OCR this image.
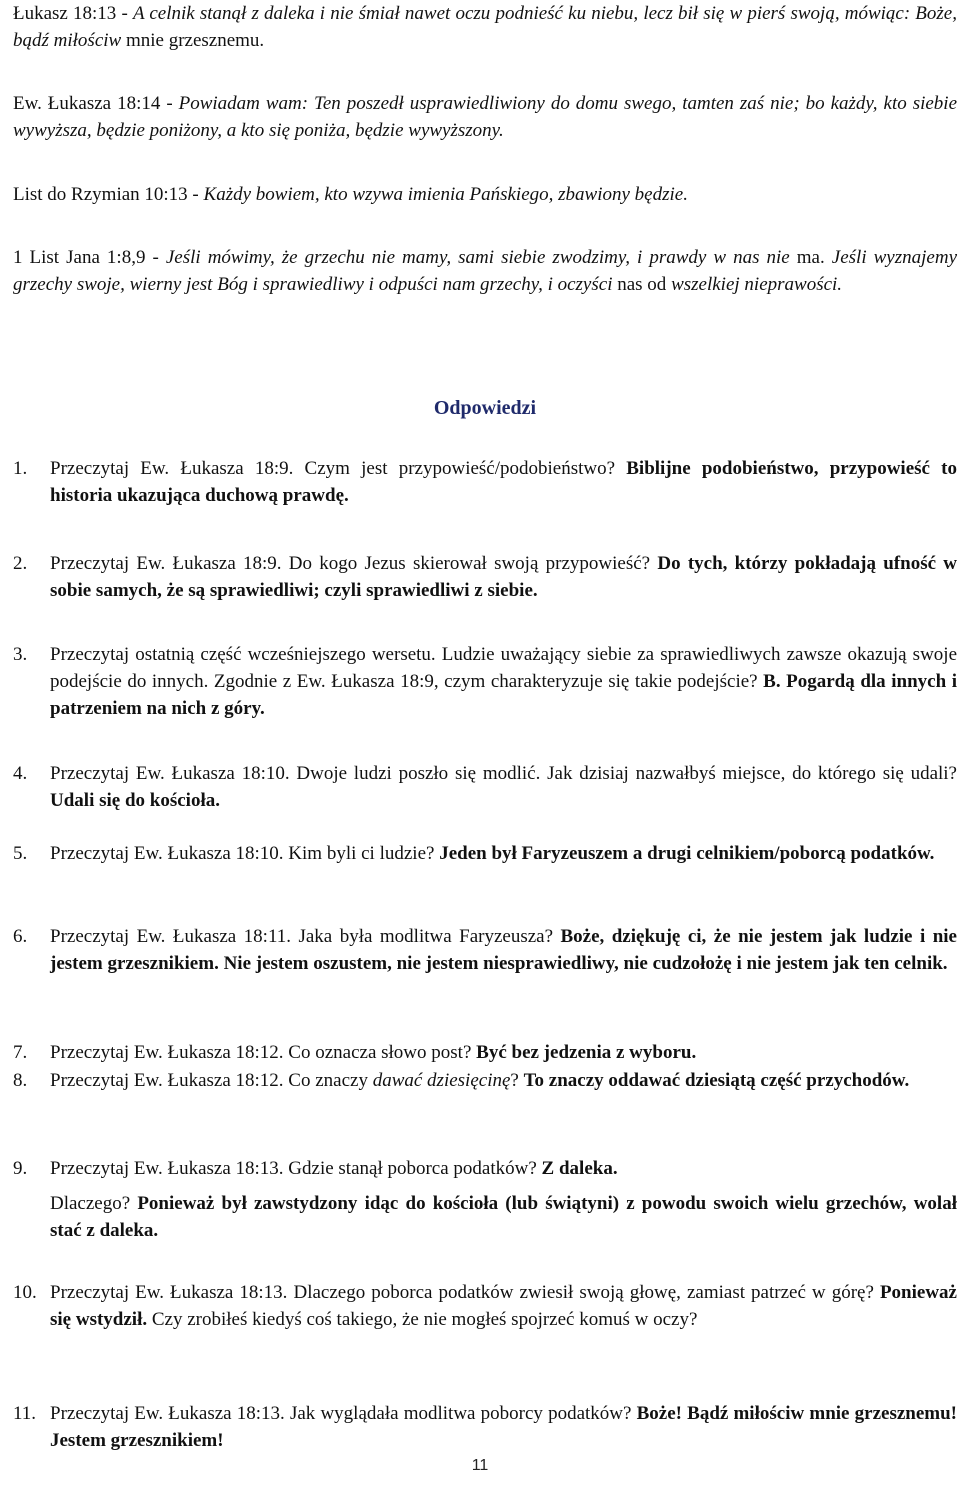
Łukasz 18:13 - A celnik stanął z daleka i nie śmiał nawet oczu podnieść ku niebu, lecz bił się w pierś swoją, mówiąc: Boże, bądź miłościw mnie grzesznemu.

Ew. Łukasza 18:14 - Powiadam wam: Ten poszedł usprawiedliwiony do domu swego, tamten zaś nie; bo każdy, kto siebie wywyższa, będzie poniżony, a kto się poniża, będzie wywyższony.

List do Rzymian 10:13 - Każdy bowiem, kto wzywa imienia Pańskiego, zbawiony będzie.

1 List Jana 1:8,9 - Jeśli mówimy, że grzechu nie mamy, sami siebie zwodzimy, i prawdy w nas nie ma. Jeśli wyznajemy grzechy swoje, wierny jest Bóg i sprawiedliwy i odpuści nam grzechy, i oczyści nas od wszelkiej nieprawości.

Odpowiedzi
1.	Przeczytaj Ew. Łukasza 18:9. Czym jest przypowieść/podobieństwo? Biblijne podobieństwo, przypowieść to historia ukazująca duchową prawdę.
2.	Przeczytaj Ew. Łukasza 18:9. Do kogo Jezus skierował swoją przypowieść? Do tych, którzy pokładają ufność w sobie samych, że są sprawiedliwi; czyli sprawiedliwi z siebie.
3.	Przeczytaj ostatnią część wcześniejszego wersetu. Ludzie uważający siebie za sprawiedliwych zawsze okazują swoje podejście do innych. Zgodnie z Ew. Łukasza 18:9, czym charakteryzuje się takie podejście? B. Pogardą dla innych i patrzeniem na nich z góry.
4.	Przeczytaj Ew. Łukasza 18:10. Dwoje ludzi poszło się modlić. Jak dzisiaj nazwałbyś miejsce, do którego się udali? Udali się do kościoła.
5.	Przeczytaj Ew. Łukasza 18:10. Kim byli ci ludzie? Jeden był Faryzeuszem a drugi celnikiem/poborcą podatków.
6.	Przeczytaj Ew. Łukasza 18:11. Jaka była modlitwa Faryzeusza? Boże, dziękuję ci, że nie jestem jak ludzie i nie jestem grzesznikiem. Nie jestem oszustem, nie jestem niesprawiedliwy, nie cudzołożę i nie jestem jak ten celnik.
7.	Przeczytaj Ew. Łukasza 18:12. Co oznacza słowo post? Być bez jedzenia z wyboru.
8.	Przeczytaj Ew. Łukasza 18:12. Co znaczy dawać dziesięcinę? To znaczy oddawać dziesiątą część przychodów.
9.	Przeczytaj Ew. Łukasza 18:13. Gdzie stanął poborca podatków? Z daleka.
Dlaczego? Ponieważ był zawstydzony idąc do kościoła (lub świątyni) z powodu swoich wielu grzechów, wolał stać z daleka.
10. Przeczytaj Ew. Łukasza 18:13. Dlaczego poborca podatków zwiesił swoją głowę, zamiast patrzeć w górę? Ponieważ się wstydził. Czy zrobiłeś kiedyś coś takiego, że nie mogłeś spojrzeć komuś w oczy?
11. Przeczytaj Ew. Łukasza 18:13. Jak wyglądała modlitwa poborcy podatków? Boże! Bądź miłościw mnie grzesznemu! Jestem grzesznikiem!
11
